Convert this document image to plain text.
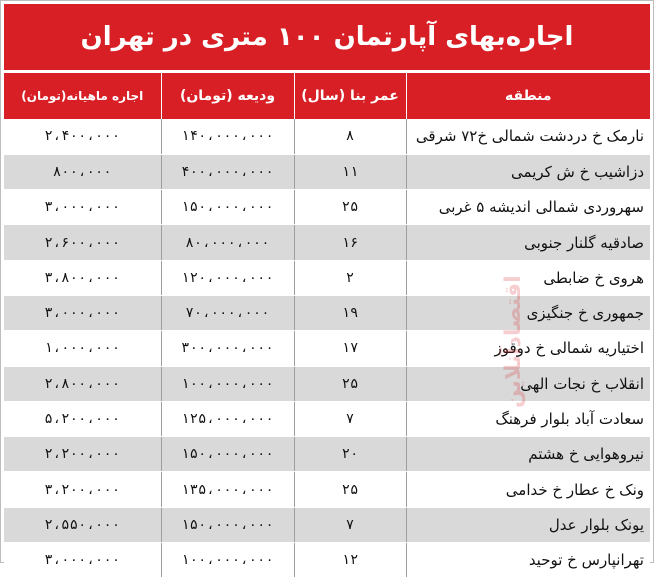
اجاره‌بهای آپارتمان ۱۰۰ متری در تهران
منطقه	عمر بنا (سال)	ودیعه (تومان)	اجاره ماهیانه(تومان)
نارمک خ دردشت شمالی خ۷۲ شرقی	۸	۱۴۰،۰۰۰،۰۰۰	۲،۴۰۰،۰۰۰
دزاشیب خ ش کریمی	۱۱	۴۰۰،۰۰۰،۰۰۰	۸۰۰،۰۰۰
سهروردی شمالی اندیشه ۵ غربی	۲۵	۱۵۰،۰۰۰،۰۰۰	۳،۰۰۰،۰۰۰
صادقیه گلنار جنوبی	۱۶	۸۰،۰۰۰،۰۰۰	۲،۶۰۰،۰۰۰
هروی خ ضابطی	۲	۱۲۰،۰۰۰،۰۰۰	۳،۸۰۰،۰۰۰
جمهوری خ جنگیزی	۱۹	۷۰،۰۰۰،۰۰۰	۳،۰۰۰،۰۰۰
اختیاریه شمالی خ دوقوز	۱۷	۳۰۰،۰۰۰،۰۰۰	۱،۰۰۰،۰۰۰
انقلاب خ نجات الهی	۲۵	۱۰۰،۰۰۰،۰۰۰	۲،۸۰۰،۰۰۰
سعادت آباد بلوار فرهنگ	۷	۱۲۵،۰۰۰،۰۰۰	۵،۲۰۰،۰۰۰
نیروهوایی خ هشتم	۲۰	۱۵۰،۰۰۰،۰۰۰	۲،۲۰۰،۰۰۰
ونک خ عطار خ خدامی	۲۵	۱۳۵،۰۰۰،۰۰۰	۳،۲۰۰،۰۰۰
یونک بلوار عدل	۷	۱۵۰،۰۰۰،۰۰۰	۲،۵۵۰،۰۰۰
تهرانپارس خ توحید	۱۲	۱۰۰،۰۰۰،۰۰۰	۳،۰۰۰،۰۰۰
اقتصادآنلاین
